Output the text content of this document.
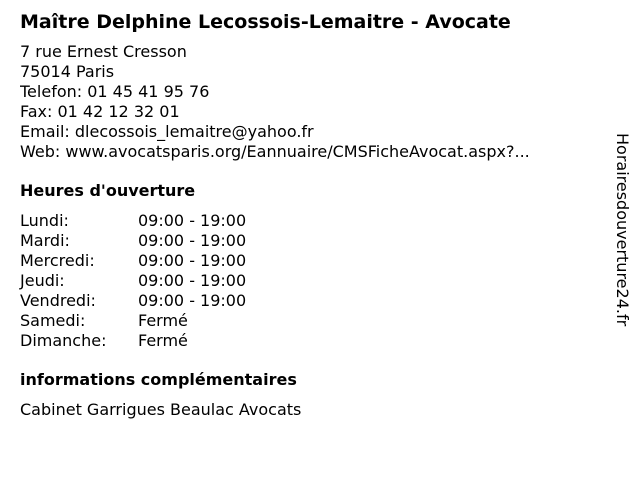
Maître Delphine Lecossois-Lemaitre - Avocate
7 rue Ernest Cresson
75014 Paris
Telefon: 01 45 41 95 76
Fax: 01 42 12 32 01
Email: dlecossois_lemaitre@yahoo.fr
Web: www.avocatsparis.org/Eannuaire/CMSFicheAvocat.aspx?...
Heures d'ouverture
Lundi:	09:00 - 19:00
Mardi:	09:00 - 19:00
Mercredi:	09:00 - 19:00
Jeudi:	09:00 - 19:00
Vendredi:	09:00 - 19:00
Samedi:	Fermé
Dimanche:	Fermé
informations complémentaires
Cabinet Garrigues Beaulac Avocats
Horairesdouverture24.fr
